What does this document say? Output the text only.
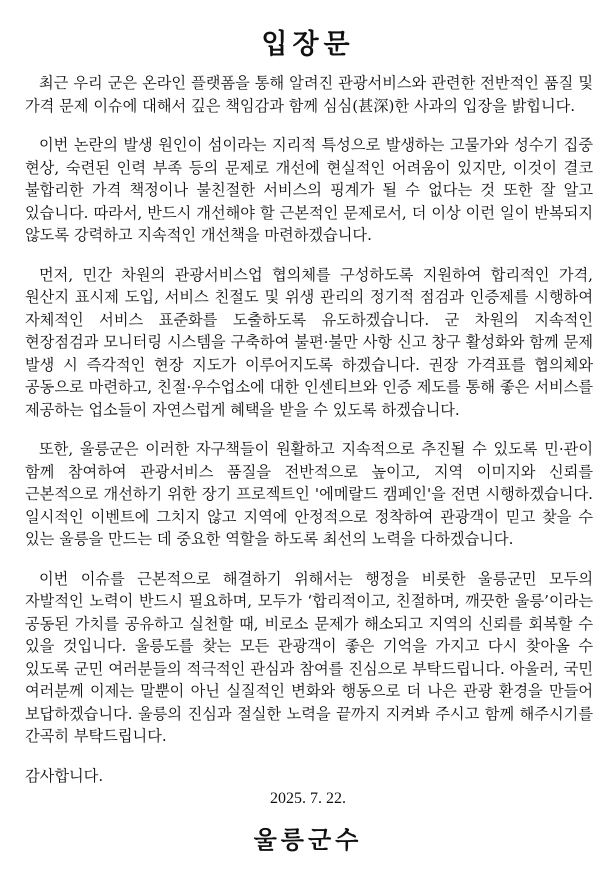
입장문

최근 우리 군은 온라인 플랫폼을 통해 알려진 관광서비스와 관련한 전반적인 품질 및 가격 문제 이슈에 대해서 깊은 책임감과 함께 심심(甚深)한 사과의 입장을 밝힙니다.

이번 논란의 발생 원인이 섬이라는 지리적 특성으로 발생하는 고물가와 성수기 집중 현상, 숙련된 인력 부족 등의 문제로 개선에 현실적인 어려움이 있지만, 이것이 결코 불합리한 가격 책정이나 불친절한 서비스의 핑계가 될 수 없다는 것 또한 잘 알고 있습니다. 따라서, 반드시 개선해야 할 근본적인 문제로서, 더 이상 이런 일이 반복되지 않도록 강력하고 지속적인 개선책을 마련하겠습니다.

먼저, 민간 차원의 관광서비스업 협의체를 구성하도록 지원하여 합리적인 가격, 원산지 표시제 도입, 서비스 친절도 및 위생 관리의 정기적 점검과 인증제를 시행하여 자체적인 서비스 표준화를 도출하도록 유도하겠습니다. 군 차원의 지속적인 현장점검과 모니터링 시스템을 구축하여 불편·불만 사항 신고 창구 활성화와 함께 문제 발생 시 즉각적인 현장 지도가 이루어지도록 하겠습니다. 권장 가격표를 협의체와 공동으로 마련하고, 친절·우수업소에 대한 인센티브와 인증 제도를 통해 좋은 서비스를 제공하는 업소들이 자연스럽게 혜택을 받을 수 있도록 하겠습니다.

또한, 울릉군은 이러한 자구책들이 원활하고 지속적으로 추진될 수 있도록 민·관이 함께 참여하여 관광서비스 품질을 전반적으로 높이고, 지역 이미지와 신뢰를 근본적으로 개선하기 위한 장기 프로젝트인 '에메랄드 캠페인'을 전면 시행하겠습니다. 일시적인 이벤트에 그치지 않고 지역에 안정적으로 정착하여 관광객이 믿고 찾을 수 있는 울릉을 만드는 데 중요한 역할을 하도록 최선의 노력을 다하겠습니다.

이번 이슈를 근본적으로 해결하기 위해서는 행정을 비롯한 울릉군민 모두의 자발적인 노력이 반드시 필요하며, 모두가 ‘합리적이고, 친절하며, 깨끗한 울릉’이라는 공동된 가치를 공유하고 실천할 때, 비로소 문제가 해소되고 지역의 신뢰를 회복할 수 있을 것입니다. 울릉도를 찾는 모든 관광객이 좋은 기억을 가지고 다시 찾아올 수 있도록 군민 여러분들의 적극적인 관심과 참여를 진심으로 부탁드립니다. 아울러, 국민 여러분께 이제는 말뿐이 아닌 실질적인 변화와 행동으로 더 나은 관광 환경을 만들어 보답하겠습니다. 울릉의 진심과 절실한 노력을 끝까지 지켜봐 주시고 함께 해주시기를 간곡히 부탁드립니다.

감사합니다.

2025. 7. 22.
울릉군수
